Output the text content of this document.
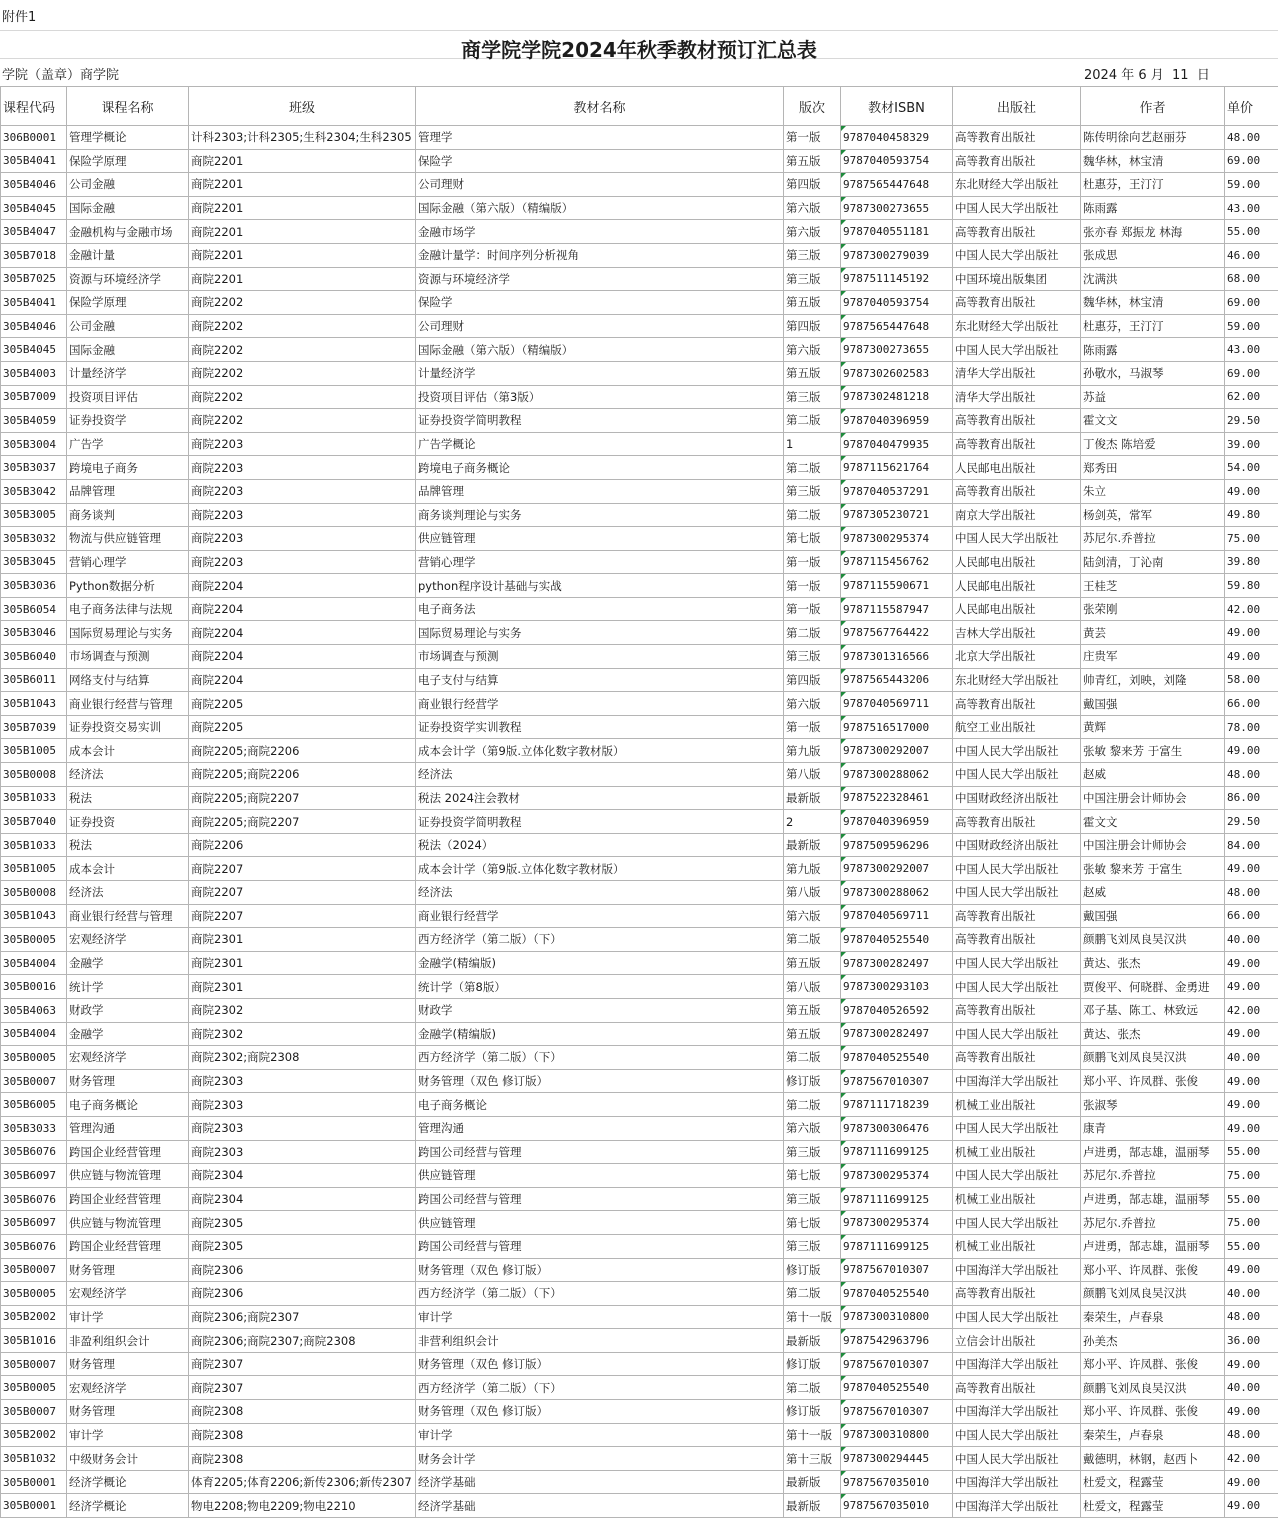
附件1
商学院学院2024年秋季教材预订汇总表
学院（盖章）商学院	2024 年 6 月  11  日
课程代码	课程名称	班级	教材名称	版次	教材ISBN	出版社	作者	单价
306B0001	管理学概论	计科2303;计科2305;生科2304;生科2305	管理学	第一版	9787040458329	高等教育出版社	陈传明徐向艺赵丽芬	48.00
305B4041	保险学原理	商院2201	保险学	第五版	9787040593754	高等教育出版社	魏华林，林宝清	69.00
305B4046	公司金融	商院2201	公司理财	第四版	9787565447648	东北财经大学出版社	杜惠芬，王汀汀	59.00
305B4045	国际金融	商院2201	国际金融（第六版）（精编版）	第六版	9787300273655	中国人民大学出版社	陈雨露	43.00
305B4047	金融机构与金融市场	商院2201	金融市场学	第六版	9787040551181	高等教育出版社	张亦春 郑振龙 林海	55.00
305B7018	金融计量	商院2201	金融计量学：时间序列分析视角	第三版	9787300279039	中国人民大学出版社	张成思	46.00
305B7025	资源与环境经济学	商院2201	资源与环境经济学	第三版	9787511145192	中国环境出版集团	沈满洪	68.00
305B4041	保险学原理	商院2202	保险学	第五版	9787040593754	高等教育出版社	魏华林，林宝清	69.00
305B4046	公司金融	商院2202	公司理财	第四版	9787565447648	东北财经大学出版社	杜惠芬，王汀汀	59.00
305B4045	国际金融	商院2202	国际金融（第六版）（精编版）	第六版	9787300273655	中国人民大学出版社	陈雨露	43.00
305B4003	计量经济学	商院2202	计量经济学	第五版	9787302602583	清华大学出版社	孙敬水，马淑琴	69.00
305B7009	投资项目评估	商院2202	投资项目评估（第3版）	第三版	9787302481218	清华大学出版社	苏益	62.00
305B4059	证券投资学	商院2202	证券投资学简明教程	第二版	9787040396959	高等教育出版社	霍文文	29.50
305B3004	广告学	商院2203	广告学概论	1	9787040479935	高等教育出版社	丁俊杰 陈培爱	39.00
305B3037	跨境电子商务	商院2203	跨境电子商务概论	第二版	9787115621764	人民邮电出版社	郑秀田	54.00
305B3042	品牌管理	商院2203	品牌管理	第三版	9787040537291	高等教育出版社	朱立	49.00
305B3005	商务谈判	商院2203	商务谈判理论与实务	第二版	9787305230721	南京大学出版社	杨剑英，常军	49.80
305B3032	物流与供应链管理	商院2203	供应链管理	第七版	9787300295374	中国人民大学出版社	苏尼尔.乔普拉	75.00
305B3045	营销心理学	商院2203	营销心理学	第一版	9787115456762	人民邮电出版社	陆剑清，丁沁南	39.80
305B3036	Python数据分析	商院2204	python程序设计基础与实战	第一版	9787115590671	人民邮电出版社	王桂芝	59.80
305B6054	电子商务法律与法规	商院2204	电子商务法	第一版	9787115587947	人民邮电出版社	张荣刚	42.00
305B3046	国际贸易理论与实务	商院2204	国际贸易理论与实务	第二版	9787567764422	吉林大学出版社	黄芸	49.00
305B6040	市场调查与预测	商院2204	市场调查与预测	第三版	9787301316566	北京大学出版社	庄贵军	49.00
305B6011	网络支付与结算	商院2204	电子支付与结算	第四版	9787565443206	东北财经大学出版社	帅青红，刘映，刘隆	58.00
305B1043	商业银行经营与管理	商院2205	商业银行经营学	第六版	9787040569711	高等教育出版社	戴国强	66.00
305B7039	证券投资交易实训	商院2205	证券投资学实训教程	第一版	9787516517000	航空工业出版社	黄辉	78.00
305B1005	成本会计	商院2205;商院2206	成本会计学（第9版.立体化数字教材版）	第九版	9787300292007	中国人民大学出版社	张敏 黎来芳 于富生	49.00
305B0008	经济法	商院2205;商院2206	经济法	第八版	9787300288062	中国人民大学出版社	赵威	48.00
305B1033	税法	商院2205;商院2207	税法 2024注会教材	最新版	9787522328461	中国财政经济出版社	中国注册会计师协会	86.00
305B7040	证券投资	商院2205;商院2207	证券投资学简明教程	2	9787040396959	高等教育出版社	霍文文	29.50
305B1033	税法	商院2206	税法（2024）	最新版	9787509596296	中国财政经济出版社	中国注册会计师协会	84.00
305B1005	成本会计	商院2207	成本会计学（第9版.立体化数字教材版）	第九版	9787300292007	中国人民大学出版社	张敏 黎来芳 于富生	49.00
305B0008	经济法	商院2207	经济法	第八版	9787300288062	中国人民大学出版社	赵威	48.00
305B1043	商业银行经营与管理	商院2207	商业银行经营学	第六版	9787040569711	高等教育出版社	戴国强	66.00
305B0005	宏观经济学	商院2301	西方经济学（第二版）（下）	第二版	9787040525540	高等教育出版社	颜鹏飞刘凤良吴汉洪	40.00
305B4004	金融学	商院2301	金融学(精编版)	第五版	9787300282497	中国人民大学出版社	黄达、张杰	49.00
305B0016	统计学	商院2301	统计学（第8版）	第八版	9787300293103	中国人民大学出版社	贾俊平、何晓群、金勇进	49.00
305B4063	财政学	商院2302	财政学	第五版	9787040526592	高等教育出版社	邓子基、陈工、林致远	42.00
305B4004	金融学	商院2302	金融学(精编版)	第五版	9787300282497	中国人民大学出版社	黄达、张杰	49.00
305B0005	宏观经济学	商院2302;商院2308	西方经济学（第二版）（下）	第二版	9787040525540	高等教育出版社	颜鹏飞刘凤良吴汉洪	40.00
305B0007	财务管理	商院2303	财务管理（双色 修订版）	修订版	9787567010307	中国海洋大学出版社	郑小平、许凤群、张俊	49.00
305B6005	电子商务概论	商院2303	电子商务概论	第二版	9787111718239	机械工业出版社	张淑琴	49.00
305B3033	管理沟通	商院2303	管理沟通	第六版	9787300306476	中国人民大学出版社	康青	49.00
305B6076	跨国企业经营管理	商院2303	跨国公司经营与管理	第三版	9787111699125	机械工业出版社	卢进勇，郜志雄，温丽琴	55.00
305B6097	供应链与物流管理	商院2304	供应链管理	第七版	9787300295374	中国人民大学出版社	苏尼尔.乔普拉	75.00
305B6076	跨国企业经营管理	商院2304	跨国公司经营与管理	第三版	9787111699125	机械工业出版社	卢进勇，郜志雄，温丽琴	55.00
305B6097	供应链与物流管理	商院2305	供应链管理	第七版	9787300295374	中国人民大学出版社	苏尼尔.乔普拉	75.00
305B6076	跨国企业经营管理	商院2305	跨国公司经营与管理	第三版	9787111699125	机械工业出版社	卢进勇，郜志雄，温丽琴	55.00
305B0007	财务管理	商院2306	财务管理（双色 修订版）	修订版	9787567010307	中国海洋大学出版社	郑小平、许凤群、张俊	49.00
305B0005	宏观经济学	商院2306	西方经济学（第二版）（下）	第二版	9787040525540	高等教育出版社	颜鹏飞刘凤良吴汉洪	40.00
305B2002	审计学	商院2306;商院2307	审计学	第十一版	9787300310800	中国人民大学出版社	秦荣生，卢春泉	48.00
305B1016	非盈利组织会计	商院2306;商院2307;商院2308	非营利组织会计	最新版	9787542963796	立信会计出版社	孙美杰	36.00
305B0007	财务管理	商院2307	财务管理（双色 修订版）	修订版	9787567010307	中国海洋大学出版社	郑小平、许凤群、张俊	49.00
305B0005	宏观经济学	商院2307	西方经济学（第二版）（下）	第二版	9787040525540	高等教育出版社	颜鹏飞刘凤良吴汉洪	40.00
305B0007	财务管理	商院2308	财务管理（双色 修订版）	修订版	9787567010307	中国海洋大学出版社	郑小平、许凤群、张俊	49.00
305B2002	审计学	商院2308	审计学	第十一版	9787300310800	中国人民大学出版社	秦荣生，卢春泉	48.00
305B1032	中级财务会计	商院2308	财务会计学	第十三版	9787300294445	中国人民大学出版社	戴德明，林钢，赵西卜	42.00
305B0001	经济学概论	体育2205;体育2206;新传2306;新传2307	经济学基础	最新版	9787567035010	中国海洋大学出版社	杜爱文，程露莹	49.00
305B0001	经济学概论	物电2208;物电2209;物电2210	经济学基础	最新版	9787567035010	中国海洋大学出版社	杜爱文，程露莹	49.00
